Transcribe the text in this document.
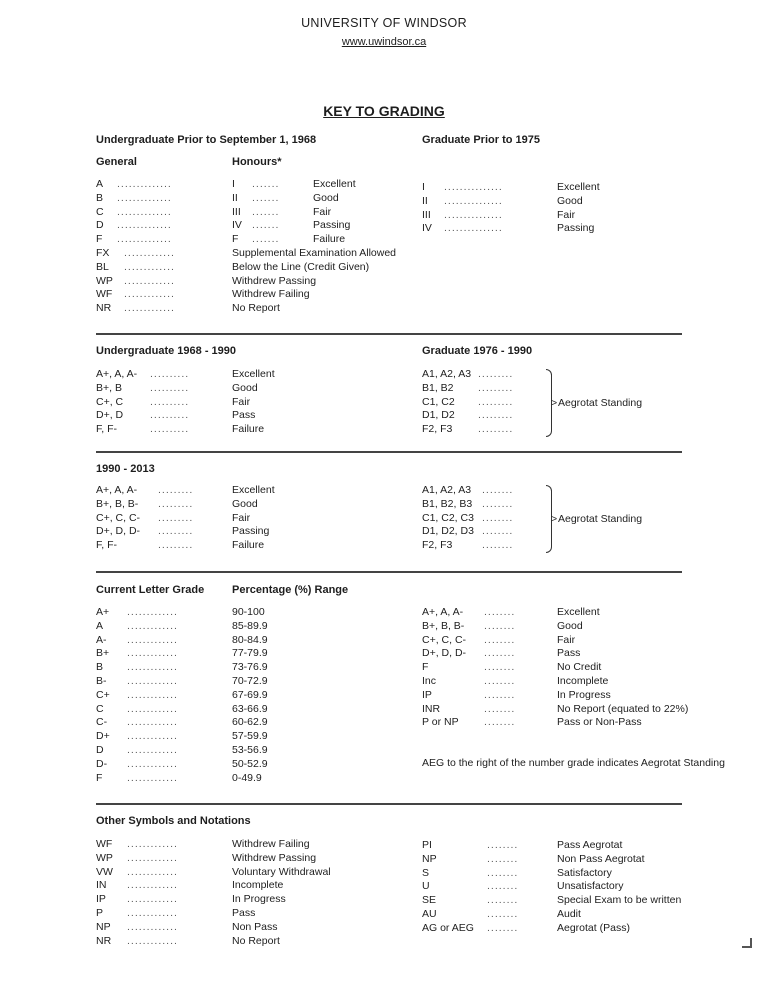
UNIVERSITY OF WINDSOR
www.uwindsor.ca
KEY TO GRADING
Undergraduate Prior to September 1, 1968	Graduate Prior to 1975
General	Honours*
A ..............	I .......	Excellent
B ..............	II .......	Good
C ..............	III .......	Fair
D ..............	IV .......	Passing
F ..............	F .......	Failure
FX .............	Supplemental Examination Allowed
BL .............	Below the Line (Credit Given)
WP .............	Withdrew Passing
WF .............	Withdrew Failing
NR .............	No Report
I ...............	Excellent
II ...............	Good
III ...............	Fair
IV ...............	Passing
Undergraduate 1968 - 1990	Graduate 1976 - 1990
A+, A, A- ..........	Excellent
B+, B	..........	Good
C+, C	..........	Fair
D+, D	..........	Pass
F, F-	..........	Failure
A1, A2, A3 .........
B1, B2 .........
C1, C2 .........
D1, D2 .........
F2, F3 .........
> Aegrotat Standing
1990 - 2013
A+, A, A- .........	Excellent
B+, B, B- .........	Good
C+, C, C- .........	Fair
D+, D, D- .........	Passing
F, F-	.........	Failure
A1, A2, A3 ........
B1, B2, B3 ........
C1, C2, C3 ........
D1, D2, D3 ........
F2, F3	........
> Aegrotat Standing
Current Letter Grade	Percentage (%) Range
A+ .............	90-100
A .............	85-89.9
A- .............	80-84.9
B+ .............	77-79.9
B .............	73-76.9
B- .............	70-72.9
C+ .............	67-69.9
C .............	63-66.9
C- .............	60-62.9
D+ .............	57-59.9
D .............	53-56.9
D- .............	50-52.9
F .............	0-49.9
A+, A, A- ........	Excellent
B+, B, B- ........	Good
C+, C, C- ........	Fair
D+, D, D- ........	Pass
F	........	No Credit
Inc	........	Incomplete
IP	........	In Progress
INR	........	No Report (equated to 22%)
P or NP ........	Pass or Non-Pass
AEG to the right of the number grade indicates Aegrotat Standing
Other Symbols and Notations
WF .............	Withdrew Failing
WP .............	Withdrew Passing
VW .............	Voluntary Withdrawal
IN .............	Incomplete
IP .............	In Progress
P .............	Pass
NP .............	Non Pass
NR .............	No Report
PI	........	Pass Aegrotat
NP	........	Non Pass Aegrotat
S	........	Satisfactory
U	........	Unsatisfactory
SE	........	Special Exam to be written
AU	........	Audit
AG or AEG ........	Aegrotat (Pass)
